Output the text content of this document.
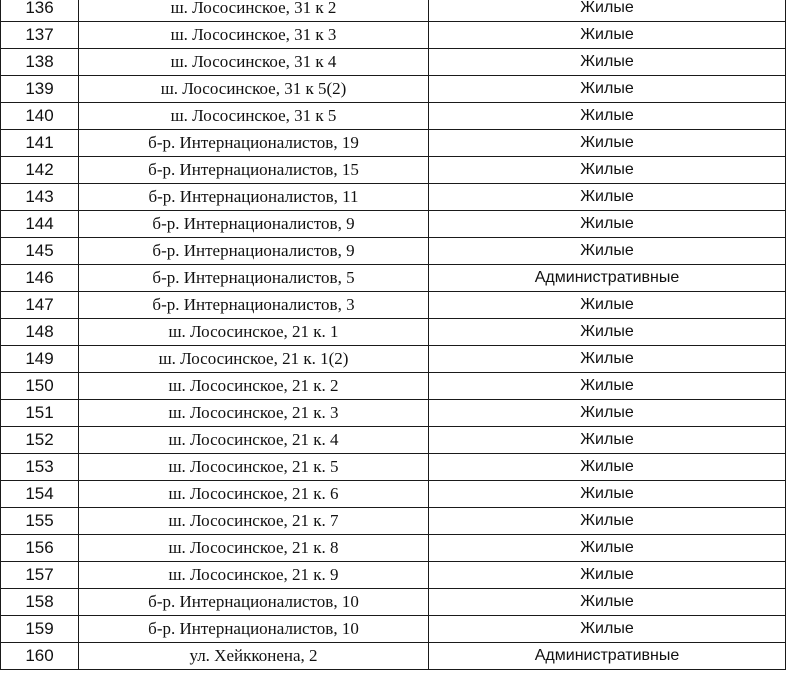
136	ш. Лососинское, 31 к 2	Жилые
137	ш. Лососинское, 31 к 3	Жилые
138	ш. Лососинское, 31 к 4	Жилые
139	ш. Лососинское, 31 к 5(2)	Жилые
140	ш. Лососинское, 31 к 5	Жилые
141	б-р. Интернационалистов, 19	Жилые
142	б-р. Интернационалистов, 15	Жилые
143	б-р. Интернационалистов, 11	Жилые
144	б-р. Интернационалистов, 9	Жилые
145	б-р. Интернационалистов, 9	Жилые
146	б-р. Интернационалистов, 5	Административные
147	б-р. Интернационалистов, 3	Жилые
148	ш. Лососинское, 21 к. 1	Жилые
149	ш. Лососинское, 21 к. 1(2)	Жилые
150	ш. Лососинское, 21 к. 2	Жилые
151	ш. Лососинское, 21 к. 3	Жилые
152	ш. Лососинское, 21 к. 4	Жилые
153	ш. Лососинское, 21 к. 5	Жилые
154	ш. Лососинское, 21 к. 6	Жилые
155	ш. Лососинское, 21 к. 7	Жилые
156	ш. Лососинское, 21 к. 8	Жилые
157	ш. Лососинское, 21 к. 9	Жилые
158	б-р. Интернационалистов, 10	Жилые
159	б-р. Интернационалистов, 10	Жилые
160	ул. Хейкконена, 2	Административные
